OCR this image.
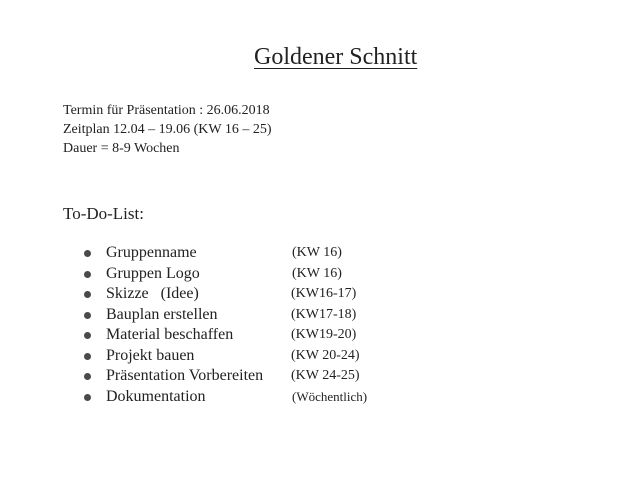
Goldener Schnitt
Termin für Präsentation : 26.06.2018
Zeitplan 12.04 – 19.06 (KW 16 – 25)
Dauer = 8-9 Wochen
To-Do-List:
Gruppenname	(KW 16)
Gruppen Logo	(KW 16)
Skizze   (Idee)	(KW16-17)
Bauplan erstellen	(KW17-18)
Material beschaffen	(KW19-20)
Projekt bauen	(KW 20-24)
Präsentation Vorbereiten (KW 24-25)
Dokumentation	(Wöchentlich)
